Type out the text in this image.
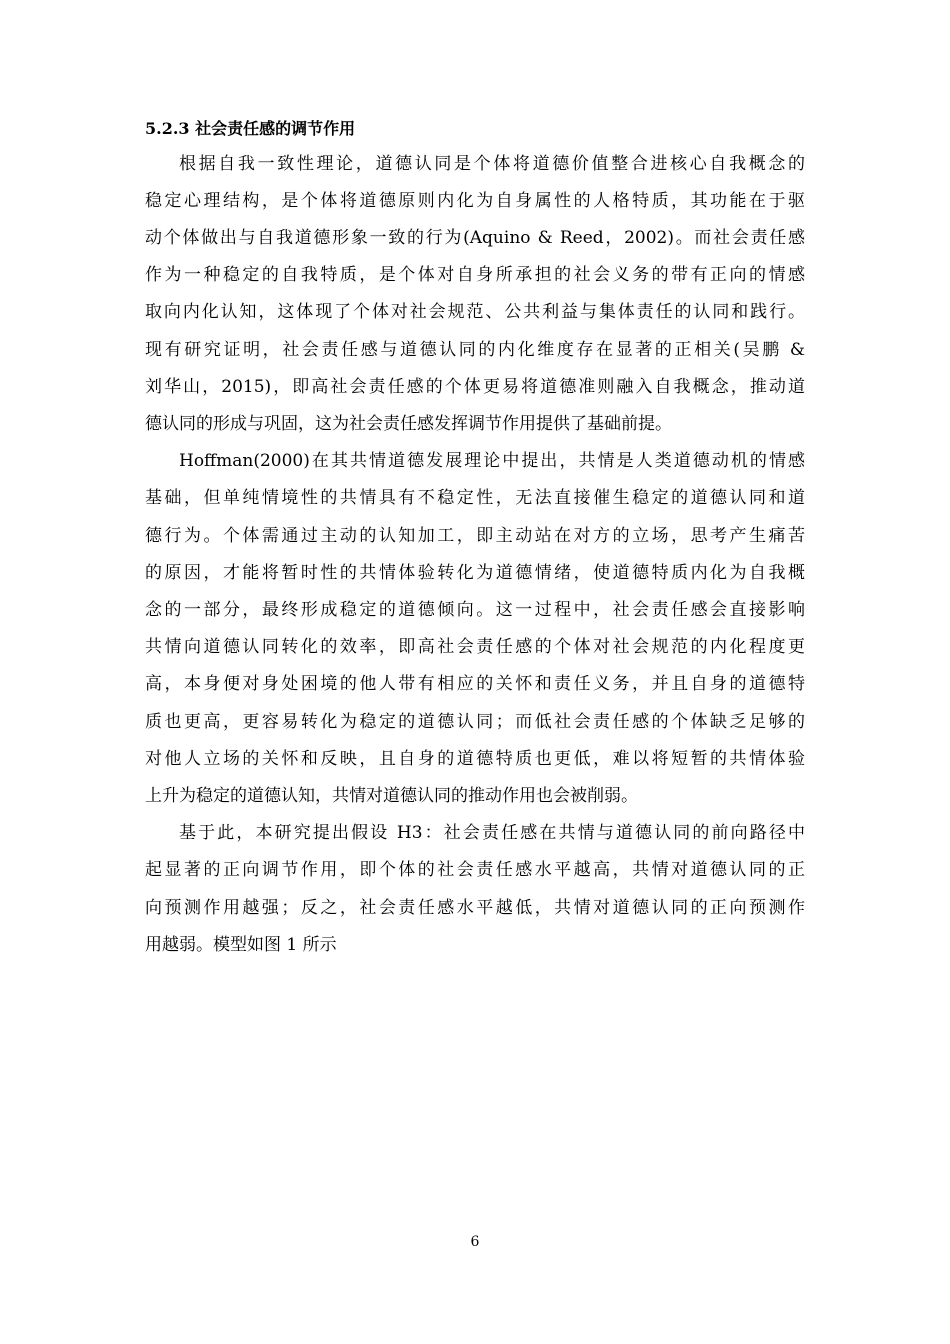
5.2.3 社会责任感的调节作用
根据自我一致性理论，道德认同是个体将道德价值整合进核心自我概念的
稳定心理结构，是个体将道德原则内化为自身属性的人格特质，其功能在于驱
动个体做出与自我道德形象一致的行为(Aquino & Reed，2002)。而社会责任感
作为一种稳定的自我特质，是个体对自身所承担的社会义务的带有正向的情感
取向内化认知，这体现了个体对社会规范、公共利益与集体责任的认同和践行。
现有研究证明，社会责任感与道德认同的内化维度存在显著的正相关(吴鹏 &
刘华山，2015)，即高社会责任感的个体更易将道德准则融入自我概念，推动道
德认同的形成与巩固，这为社会责任感发挥调节作用提供了基础前提。
Hoffman(2000)在其共情道德发展理论中提出，共情是人类道德动机的情感
基础，但单纯情境性的共情具有不稳定性，无法直接催生稳定的道德认同和道
德行为。个体需通过主动的认知加工，即主动站在对方的立场，思考产生痛苦
的原因，才能将暂时性的共情体验转化为道德情绪，使道德特质内化为自我概
念的一部分，最终形成稳定的道德倾向。这一过程中，社会责任感会直接影响
共情向道德认同转化的效率，即高社会责任感的个体对社会规范的内化程度更
高，本身便对身处困境的他人带有相应的关怀和责任义务，并且自身的道德特
质也更高，更容易转化为稳定的道德认同；而低社会责任感的个体缺乏足够的
对他人立场的关怀和反映，且自身的道德特质也更低，难以将短暂的共情体验
上升为稳定的道德认知，共情对道德认同的推动作用也会被削弱。
基于此，本研究提出假设 H3：社会责任感在共情与道德认同的前向路径中
起显著的正向调节作用，即个体的社会责任感水平越高，共情对道德认同的正
向预测作用越强；反之，社会责任感水平越低，共情对道德认同的正向预测作
用越弱。模型如图 1 所示
6
